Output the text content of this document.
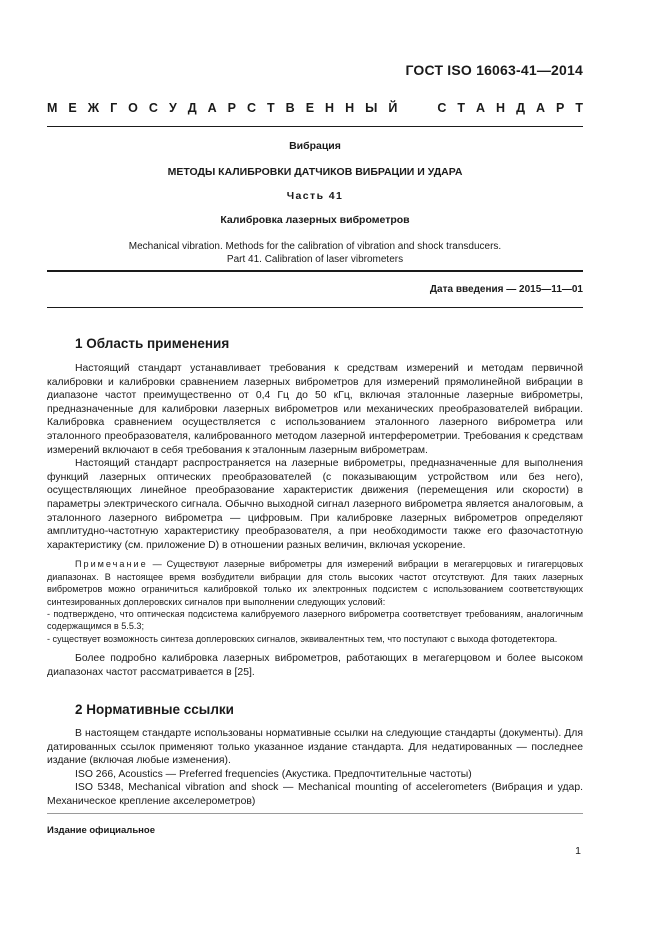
ГОСТ ISO 16063-41—2014
М Е Ж Г О С У Д А Р С Т В Е Н Н Ы Й	С Т А Н Д А Р Т
Вибрация
МЕТОДЫ КАЛИБРОВКИ ДАТЧИКОВ ВИБРАЦИИ И УДАРА
Часть 41
Калибровка лазерных виброметров
Mechanical vibration. Methods for the calibration of vibration and shock transducers.
Part 41. Calibration of laser vibrometers
Дата введения — 2015—11—01
1 Область применения

Настоящий стандарт устанавливает требования к средствам измерений и методам первичной калибровки и калибровки сравнением лазерных виброметров для измерений прямолинейной вибрации в диапазоне частот преимущественно от 0,4 Гц до 50 кГц, включая эталонные лазерные виброметры, предназначенные для калибровки лазерных виброметров или механических преобразователей вибрации. Калибровка сравнением осуществляется с использованием эталонного лазерного виброметра или эталонного преобразователя, калиброванного методом лазерной интерферометрии. Требования к средствам измерений включают в себя требования к эталонным лазерным виброметрам.

Настоящий стандарт распространяется на лазерные виброметры, предназначенные для выполнения функций лазерных оптических преобразователей (с показывающим устройством или без него), осуществляющих линейное преобразование характеристик движения (перемещения или скорости) в параметры электрического сигнала. Обычно выходной сигнал лазерного виброметра является аналоговым, а эталонного лазерного виброметра — цифровым. При калибровке лазерных виброметров определяют амплитудно-частотную характеристику преобразователя, а при необходимости также его фазочастотную характеристику (см. приложение D) в отношении разных величин, включая ускорение.

Примечание — Существуют лазерные виброметры для измерений вибрации в мегагерцовых и гигагерцовых диапазонах. В настоящее время возбудители вибрации для столь высоких частот отсутствуют. Для таких лазерных виброметров можно ограничиться калибровкой только их электронных подсистем с использованием соответствующих синтезированных доплеровских сигналов при выполнении следующих условий:

- подтверждено, что оптическая подсистема калибруемого лазерного виброметра соответствует требованиям, аналогичным содержащимся в 5.5.3;

- существует возможность синтеза доплеровских сигналов, эквивалентных тем, что поступают с выхода фотодетектора.

Более подробно калибровка лазерных виброметров, работающих в мегагерцовом и более высоком диапазонах частот рассматривается в [25].

2 Нормативные ссылки

В настоящем стандарте использованы нормативные ссылки на следующие стандарты (документы). Для датированных ссылок применяют только указанное издание стандарта. Для недатированных — последнее издание (включая любые изменения).

ISO 266, Acoustics — Preferred frequencies (Акустика. Предпочтительные частоты)

ISO 5348, Mechanical vibration and shock — Mechanical mounting of accelerometers (Вибрация и удар. Механическое крепление акселерометров)

Издание официальное
1
